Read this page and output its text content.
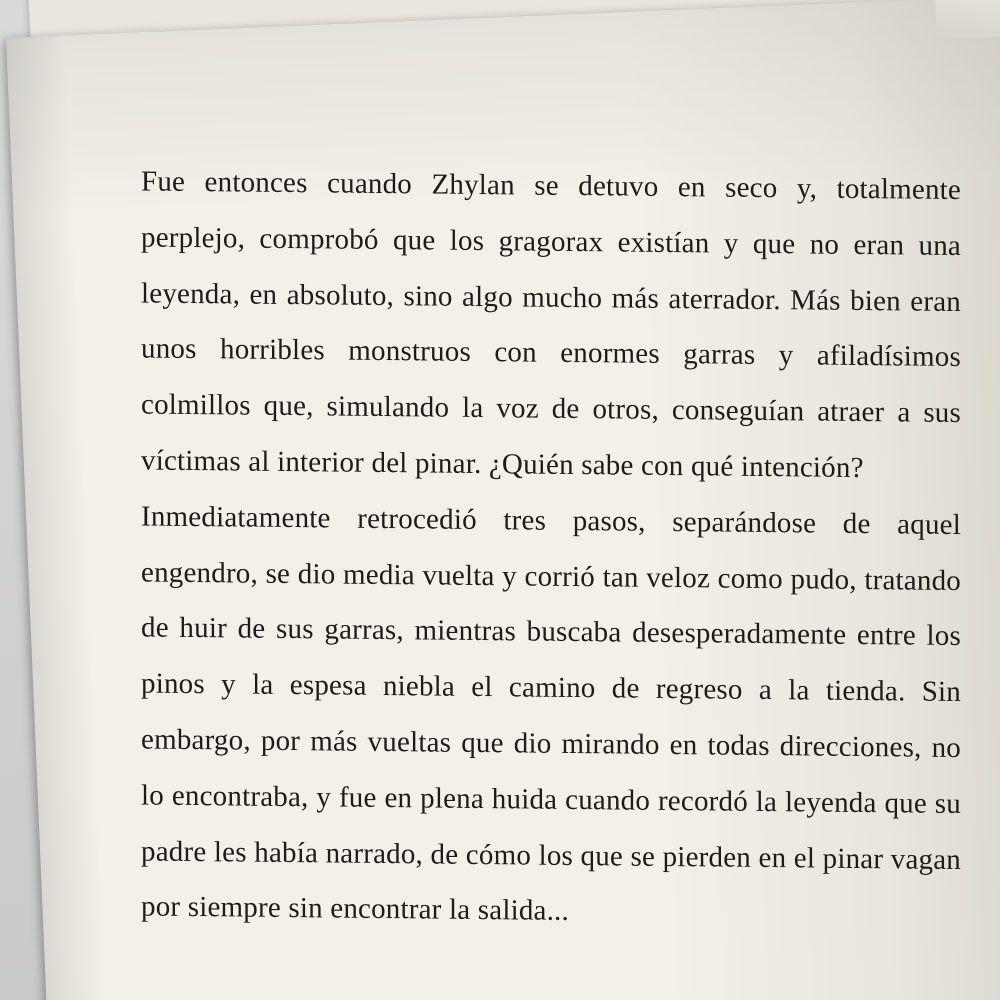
Fue entonces cuando Zhylan se detuvo en seco y, totalmente perplejo, comprobó que los gragorax existían y que no eran una leyenda, en absoluto, sino algo mucho más aterrador. Más bien eran unos horribles monstruos con enormes garras y afiladísimos colmillos que, simulando la voz de otros, conseguían atraer a sus víctimas al interior del pinar. ¿Quién sabe con qué intención?

Inmediatamente retrocedió tres pasos, separándose de aquel engendro, se dio media vuelta y corrió tan veloz como pudo, tratando de huir de sus garras, mientras buscaba desesperadamente entre los pinos y la espesa niebla el camino de regreso a la tienda. Sin embargo, por más vueltas que dio mirando en todas direcciones, no lo encontraba, y fue en plena huida cuando recordó la leyenda que su padre les había narrado, de cómo los que se pierden en el pinar vagan por siempre sin encontrar la salida...
